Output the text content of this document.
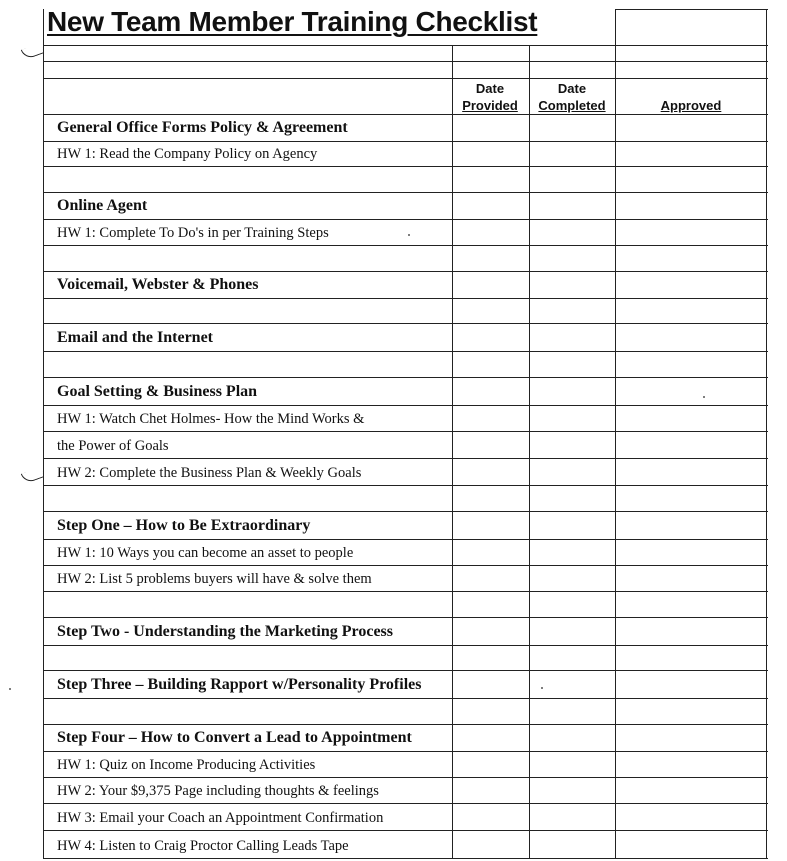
New Team Member Training Checklist
Date
Provided
Date
Completed	Approved
General Office Forms Policy & Agreement
HW 1: Read the Company Policy on Agency
Online Agent
HW 1: Complete To Do's in per Training Steps
Voicemail, Webster & Phones
Email and the Internet
Goal Setting & Business Plan
HW 1: Watch Chet Holmes- How the Mind Works &
the Power of Goals
HW 2: Complete the Business Plan & Weekly Goals
Step One – How to Be Extraordinary
HW 1: 10 Ways you can become an asset to people
HW 2: List 5 problems buyers will have & solve them
Step Two - Understanding the Marketing Process
Step Three – Building Rapport w/Personality Profiles
Step Four – How to Convert a Lead to Appointment
HW 1: Quiz on Income Producing Activities
HW 2: Your $9,375 Page including thoughts & feelings
HW 3: Email your Coach an Appointment Confirmation
HW 4: Listen to Craig Proctor Calling Leads Tape
